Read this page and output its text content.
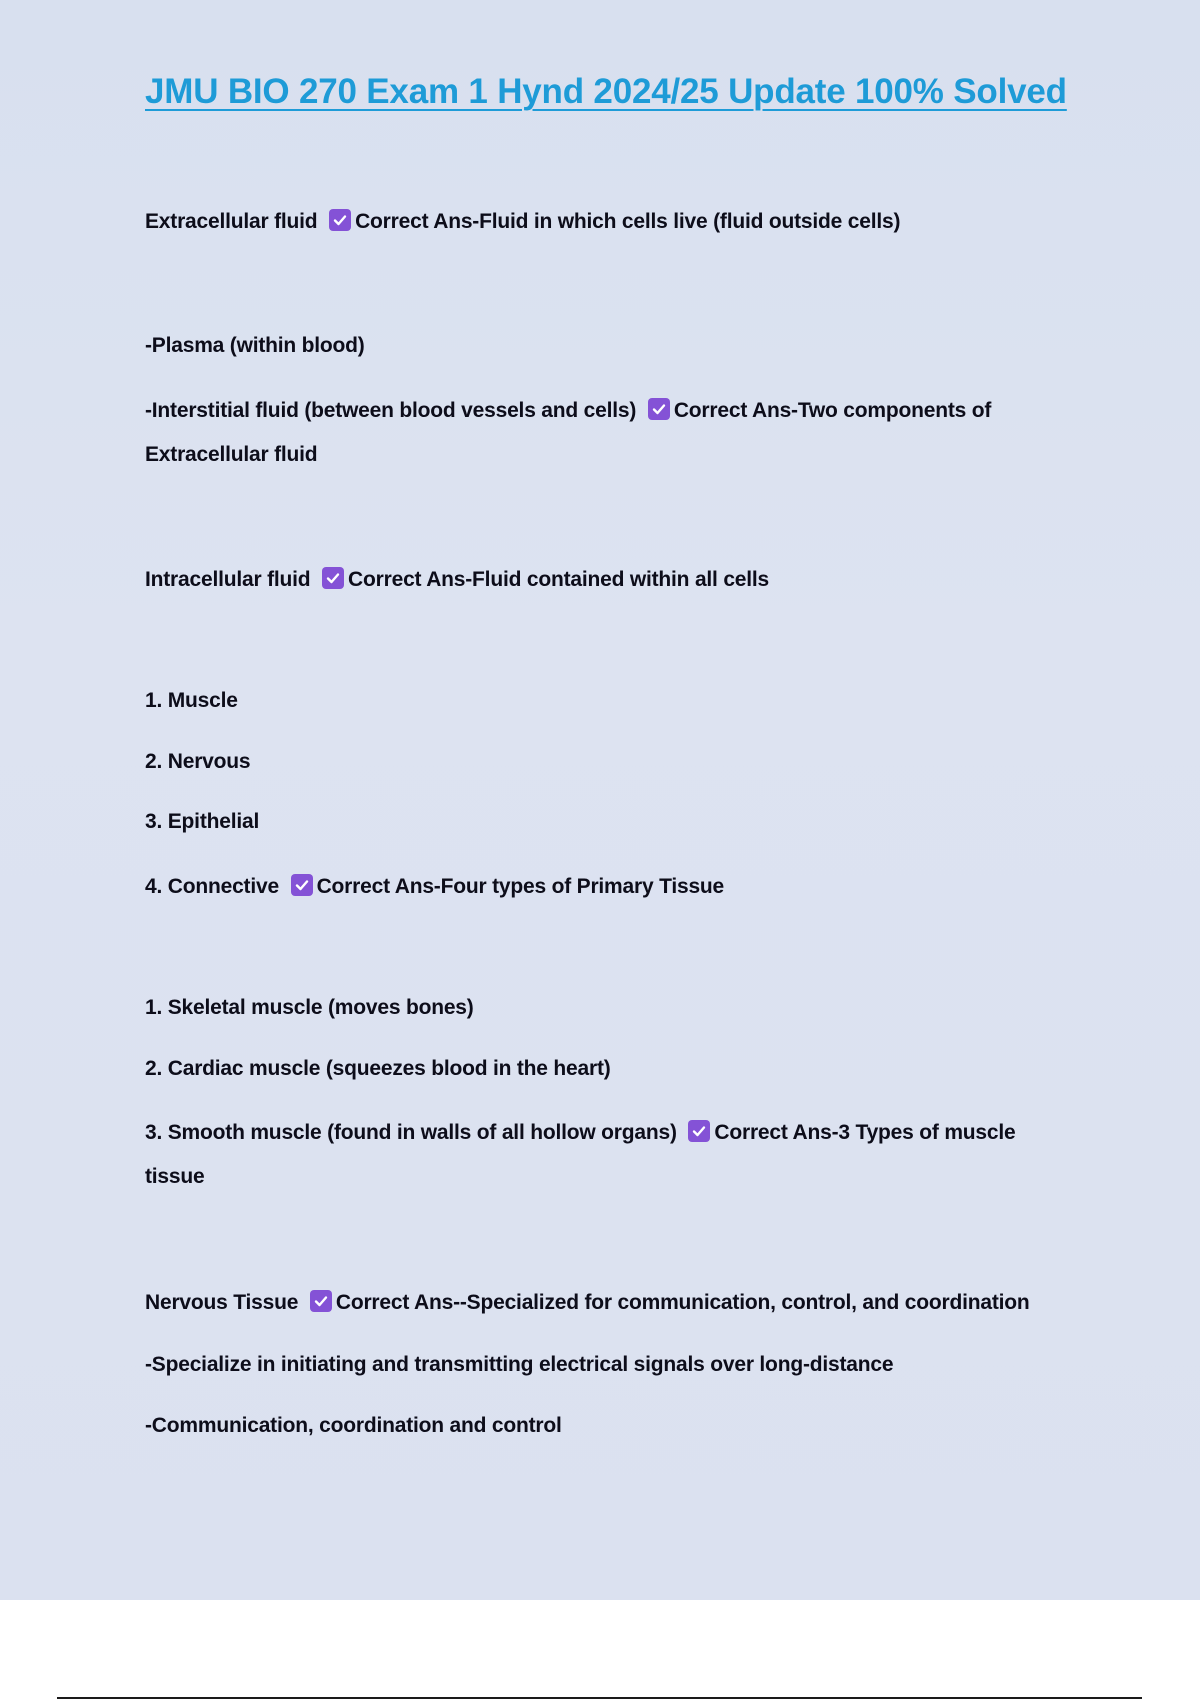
JMU BIO 270 Exam 1 Hynd 2024/25 Update 100% Solved
Extracellular fluid Correct Ans-Fluid in which cells live (fluid outside cells)
-Plasma (within blood)
-Interstitial fluid (between blood vessels and cells) Correct Ans-Two components of
Extracellular fluid
Intracellular fluid Correct Ans-Fluid contained within all cells
1. Muscle
2. Nervous
3. Epithelial
4. Connective Correct Ans-Four types of Primary Tissue
1. Skeletal muscle (moves bones)
2. Cardiac muscle (squeezes blood in the heart)
3. Smooth muscle (found in walls of all hollow organs) Correct Ans-3 Types of muscle
tissue
Nervous Tissue Correct Ans--Specialized for communication, control, and coordination
-Specialize in initiating and transmitting electrical signals over long-distance
-Communication, coordination and control
